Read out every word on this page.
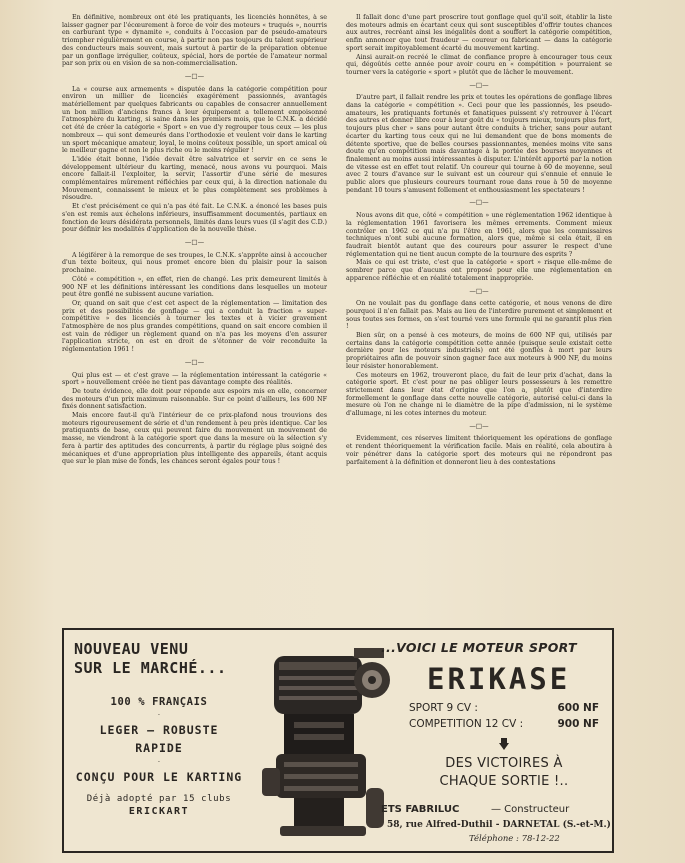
En définitive, nombreux ont été les pratiquants, les licenciés honnêtes, à se laisser gagner par l'écœurement à force de voir des moteurs « truqués », nourris en carburant type « dynamite », conduits à l'occasion par de pseudo-amateurs triompher régulièrement en course, à partir non pas toujours du talent supérieur des conducteurs mais souvent, mais surtout à partir de la préparation obtenue par un gonflage irrégulier, coûteux, spécial, hors de portée de l'amateur normal par son prix ou en vision de sa non-commercialisation.

—□—

La « course aux armements » disputée dans la catégorie compétition pour environ un millier de licenciés exagérément passionnés, avantagés matériellement par quelques fabricants ou capables de consacrer annuellement un bon million d'anciens francs à leur équipement a tellement empoisonné l'atmosphère du karting, si saine dans les premiers mois, que le C.N.K. a décidé cet été de créer la catégorie « Sport » en vue d'y regrouper tous ceux — les plus nombreux — qui sont demeurés dans l'orthodoxie et veulent voir dans le karting un sport mécanique amateur, loyal, le moins coûteux possible, un sport amical où le meilleur gagne et non le plus riche ou le moins régulier !

L'idée était bonne, l'idée devait être salvatrice et servir en ce sens le développement ultérieur du karting, menacé, nous avons vu pourquoi. Mais encore fallait-il l'exploiter, la servir, l'assortir d'une série de mesures complémentaires mûrement réfléchies par ceux qui, à la direction nationale du Mouvement, connaissent le mieux et le plus complètement ses problèmes à résoudre.

Et c'est précisément ce qui n'a pas été fait. Le C.N.K. a énoncé les bases puis s'en est remis aux échelons inférieurs, insuffisamment documentés, partiaux en fonction de leurs désidérata personnels, limités dans leurs vues (il s'agit des C.D.) pour définir les modalités d'application de la nouvelle thèse.

—□—

A légiférer à la remorque de ses troupes, le C.N.K. s'apprête ainsi à accoucher d'un texte boiteux, qui nous promet encore bien du plaisir pour la saison prochaine.

Côté « compétition », en effet, rien de changé. Les prix demeurent limités à 900 NF et les définitions intéressant les conditions dans lesquelles un moteur peut être gonflé ne subissent aucune variation.

Or, quand on sait que c'est cet aspect de la réglementation — limitation des prix et des possibilités de gonflage — qui a conduit la fraction « super-compétitive » des licenciés à tourner les textes et à vicier gravement l'atmosphère de nos plus grandes compétitions, quand on sait encore combien il est vain de rédiger un règlement quand on n'a pas les moyens d'en assurer l'application stricte, on est en droit de s'étonner de voir reconduite la réglementation 1961 !

—□—

Qui plus est — et c'est grave — la réglementation intéressant la catégorie « sport » nouvellement créée ne tient pas davantage compte des réalités.

De toute évidence, elle doit pour réponde aux espoirs mis en elle, concerner des moteurs d'un prix maximum raisonnable. Sur ce point d'ailleurs, les 600 NF fixés donnent satisfaction.

Mais encore faut-il qu'à l'intérieur de ce prix-plafond nous trouvions des moteurs rigoureusement de série et d'un rendement à peu près identique. Car les pratiquants de base, ceux qui peuvent faire du mouvement un mouvement de masse, ne viendront à la catégorie sport que dans la mesure où la sélection s'y fera à partir des aptitudes des concurrents, à partir du réglage plus soigné des mécaniques et d'une appropriation plus intelligente des appareils, étant acquis que sur le plan mise de fonds, les chances seront égales pour tous !

Il fallait donc d'une part proscrire tout gonflage quel qu'il soit, établir la liste des moteurs admis en écartant ceux qui sont susceptibles d'offrir toutes chances aux autres, recréant ainsi les inégalités dont a souffert la catégorie compétition, enfin annoncer que tout fraudeur — coureur ou fabricant — dans la catégorie sport serait impitoyablement écarté du mouvement karting.

Ainsi aurait-on recréé le climat de confiance propre à encourager tous ceux qui, dégoûtés cette année pour avoir couru en « compétition » pourraient se tourner vers la catégorie « sport » plutôt que de lâcher le mouvement.

—□—

D'autre part, il fallait rendre les prix et toutes les opérations de gonflage libres dans la catégorie « compétition ». Ceci pour que les passionnés, les pseudo-amateurs, les pratiquants fortunés et fanatiques puissent s'y retrouver à l'écart des autres et donner libre cour à leur goût du « toujours mieux, toujours plus fort, toujours plus cher » sans pour autant être conduits à tricher, sans pour autant écarter du karting tous ceux qui ne lui demandent que de bons moments de détente sportive, que de belles courses passionnantes, menées moins vite sans doute qu'en compétition mais davantage à la portée des bourses moyennes et finalement au moins aussi intéressantes à disputer. L'intérêt apporté par la notion de vitesse est en effet tout relatif. Un coureur qui tourne à 60 de moyenne, seul avec 2 tours d'avance sur le suivant est un coureur qui s'ennuie et ennuie le public alors que plusieurs coureurs tournant roue dans roue à 50 de moyenne pendant 10 tours s'amusent follement et enthousiasment les spectateurs !

—□—

Nous avons dit que, côté « compétition » une réglementation 1962 identique à la réglementation 1961 favorisera les mêmes errements. Comment mieux contrôler en 1962 ce qui n'a pu l'être en 1961, alors que les commissaires techniques n'ont subi aucune formation, alors que, même si cela était, il en faudrait bientôt autant que des coureurs pour assurer le respect d'une réglementation qui ne tient aucun compte de la tournure des esprits ?

Mais ce qui est triste, c'est que la catégorie « sport » risque elle-même de sombrer parce que d'aucuns ont proposé pour elle une réglementation en apparence réfléchie et en réalité totalement inappropriée.

—□—

On ne voulait pas du gonflage dans cette catégorie, et nous venons de dire pourquoi il n'en fallait pas. Mais au lieu de l'interdire purement et simplement et sous toutes ses formes, on s'est tourné vers une formule qui ne garantit plus rien !

Bien sûr, on a pensé à ces moteurs, de moins de 600 NF qui, utilisés par certains dans la catégorie compétition cette année (puisque seule existait cette dernière pour les moteurs industriels) ont été gonflés à mort par leurs propriétaires afin de pouvoir sinon gagner face aux moteurs à 900 NF, du moins leur résister honorablement.

Ces moteurs en 1962, trouveront place, du fait de leur prix d'achat, dans la catégorie sport. Et c'est pour ne pas obliger leurs possesseurs à les remettre strictement dans leur état d'origine que l'on a, plutôt que d'interdire formellement le gonflage dans cette nouvelle catégorie, autorisé celui-ci dans la mesure où l'on ne change ni le diamètre de la pipe d'admission, ni le système d'allumage, ni les cotes internes du moteur.

—□—

Evidemment, ces réserves limitent théoriquement les opérations de gonflage et rendent théoriquement la vérification facile. Mais en réalité, cela aboutira à voir pénétrer dans la catégorie sport des moteurs qui ne répondront pas parfaitement à la définition et donneront lieu à des contestations

NOUVEAU VENU
SUR LE MARCHÉ...
100 % FRANÇAIS
·
LEGER — ROBUSTE
RAPIDE
·
CONÇU POUR LE KARTING
Déjà adopté par 15 clubs
ERICKART
...VOICI LE MOTEUR SPORT
ERIKASE
SPORT 9 CV :	600 NF
COMPETITION 12 CV :	900 NF
DES VICTOIRES À
CHAQUE SORTIE !..
ETS FABRILUC	— Constructeur
58, rue Alfred-Duthil - DARNETAL (S.-et-M.)
Téléphone : 78-12-22
